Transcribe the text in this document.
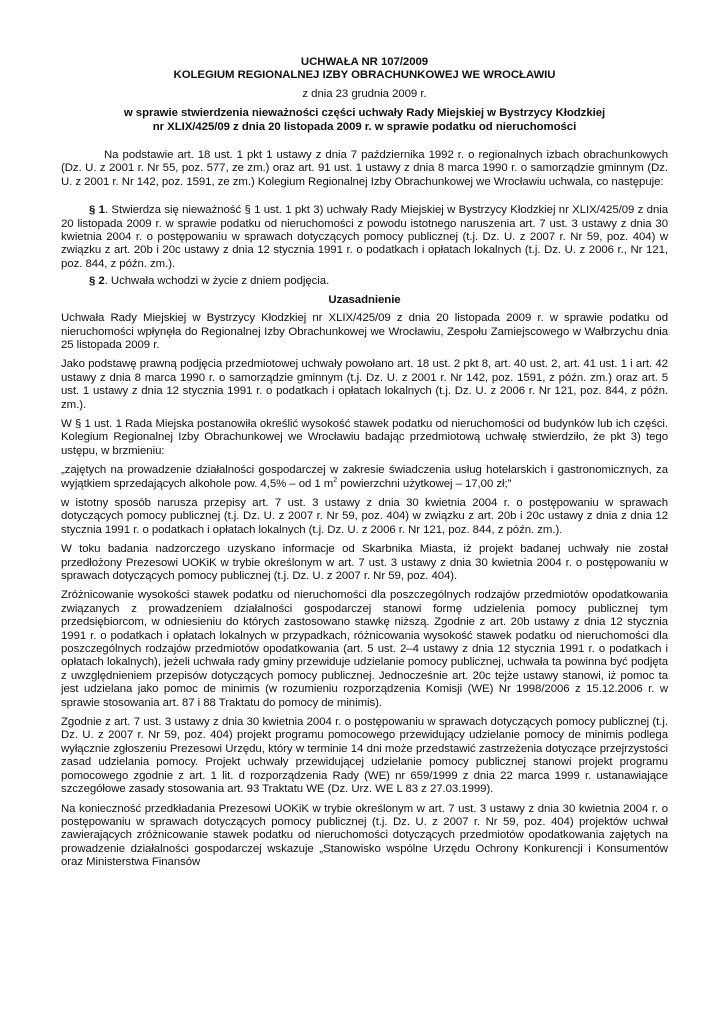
UCHWAŁA NR 107/2009
KOLEGIUM REGIONALNEJ IZBY OBRACHUNKOWEJ WE WROCŁAWIU
z dnia 23 grudnia 2009 r.
w sprawie stwierdzenia nieważności części uchwały Rady Miejskiej w Bystrzycy Kłodzkiej
nr XLIX/425/09 z dnia 20 listopada 2009 r. w sprawie podatku od nieruchomości

Na podstawie art. 18 ust. 1 pkt 1 ustawy z dnia 7 października 1992 r. o regionalnych izbach obrachunkowych (Dz. U. z 2001 r. Nr 55, poz. 577, ze zm.) oraz art. 91 ust. 1 ustawy z dnia 8 marca 1990 r. o samorządzie gminnym (Dz. U. z 2001 r. Nr 142, poz. 1591, ze zm.) Kolegium Regionalnej Izby Obrachunkowej we Wrocławiu uchwala, co następuje:

§ 1. Stwierdza się nieważność § 1 ust. 1 pkt 3) uchwały Rady Miejskiej w Bystrzycy Kłodzkiej nr XLIX/425/09 z dnia 20 listopada 2009 r. w sprawie podatku od nieruchomości z powodu istotnego naruszenia art. 7 ust. 3 ustawy z dnia 30 kwietnia 2004 r. o postępowaniu w sprawach dotyczących pomocy publicznej (t.j. Dz. U. z 2007 r. Nr 59, poz. 404) w związku z art. 20b i 20c ustawy z dnia 12 stycznia 1991 r. o podatkach i opłatach lokalnych (t.j. Dz. U. z 2006 r., Nr 121, poz. 844, z późn. zm.).

§ 2. Uchwała wchodzi w życie z dniem podjęcia.

Uzasadnienie

Uchwała Rady Miejskiej w Bystrzycy Kłodzkiej nr XLIX/425/09 z dnia 20 listopada 2009 r. w sprawie podatku od nieruchomości wpłynęła do Regionalnej Izby Obrachunkowej we Wrocławiu, Zespołu Zamiejscowego w Wałbrzychu dnia 25 listopada 2009 r.

Jako podstawę prawną podjęcia przedmiotowej uchwały powołano art. 18 ust. 2 pkt 8, art. 40 ust. 2, art. 41 ust. 1 i art. 42 ustawy z dnia 8 marca 1990 r. o samorządzie gminnym (t.j. Dz. U. z 2001 r. Nr 142, poz. 1591, z późn. zm.) oraz art. 5 ust. 1 ustawy z dnia 12 stycznia 1991 r. o podatkach i opłatach lokalnych (t.j. Dz. U. z 2006 r. Nr 121, poz. 844, z późn. zm.).

W § 1 ust. 1 Rada Miejska postanowiła określić wysokość stawek podatku od nieruchomości od budynków lub ich części. Kolegium Regionalnej Izby Obrachunkowej we Wrocławiu badając przedmiotową uchwałę stwierdziło, że pkt 3) tego ustępu, w brzmieniu:

„zajętych na prowadzenie działalności gospodarczej w zakresie świadczenia usług hotelarskich i gastronomicznych, za wyjątkiem sprzedających alkohole pow. 4,5% – od 1 $m^2$ powierzchni użytkowej – 17,00 zł;”

w istotny sposób narusza przepisy art. 7 ust. 3 ustawy z dnia 30 kwietnia 2004 r. o postępowaniu w sprawach dotyczących pomocy publicznej (t.j. Dz. U. z 2007 r. Nr 59, poz. 404) w związku z art. 20b i 20c ustawy z dnia z dnia 12 stycznia 1991 r. o podatkach i opłatach lokalnych (t.j. Dz. U. z 2006 r. Nr 121, poz. 844, z późn. zm.).

W toku badania nadzorczego uzyskano informacje od Skarbnika Miasta, iż projekt badanej uchwały nie został przedłożony Prezesowi UOKiK w trybie określonym w art. 7 ust. 3 ustawy z dnia 30 kwietnia 2004 r. o postępowaniu w sprawach dotyczących pomocy publicznej (t.j. Dz. U. z 2007 r. Nr 59, poz. 404).

Zróżnicowanie wysokości stawek podatku od nieruchomości dla poszczególnych rodzajów przedmiotów opodatkowania związanych z prowadzeniem działalności gospodarczej stanowi formę udzielenia pomocy publicznej tym przedsiębiorcom, w odniesieniu do których zastosowano stawkę niższą. Zgodnie z art. 20b ustawy z dnia 12 stycznia 1991 r. o podatkach i opłatach lokalnych w przypadkach, różnicowania wysokość stawek podatku od nieruchomości dla poszczególnych rodzajów przedmiotów opodatkowania (art. 5 ust. 2–4 ustawy z dnia 12 stycznia 1991 r. o podatkach i opłatach lokalnych), jeżeli uchwała rady gminy przewiduje udzielanie pomocy publicznej, uchwała ta powinna być podjęta z uwzględnieniem przepisów dotyczących pomocy publicznej. Jednocześnie art. 20c tejże ustawy stanowi, iż pomoc ta jest udzielana jako pomoc de minimis (w rozumieniu rozporządzenia Komisji (WE) Nr 1998/2006 z 15.12.2006 r. w sprawie stosowania art. 87 i 88 Traktatu do pomocy de minimis).

Zgodnie z art. 7 ust. 3 ustawy z dnia 30 kwietnia 2004 r. o postępowaniu w sprawach dotyczących pomocy publicznej (t.j. Dz. U. z 2007 r. Nr 59, poz. 404) projekt programu pomocowego przewidujący udzielanie pomocy de minimis podlega wyłącznie zgłoszeniu Prezesowi Urzędu, który w terminie 14 dni może przedstawić zastrzeżenia dotyczące przejrzystości zasad udzielania pomocy. Projekt uchwały przewidującej udzielanie pomocy publicznej stanowi projekt programu pomocowego zgodnie z art. 1 lit. d rozporządzenia Rady (WE) nr 659/1999 z dnia 22 marca 1999 r. ustanawiające szczegółowe zasady stosowania art. 93 Traktatu WE (Dz. Urz. WE L 83 z 27.03.1999).

Na konieczność przedkładania Prezesowi UOKiK w trybie określonym w art. 7 ust. 3 ustawy z dnia 30 kwietnia 2004 r. o postępowaniu w sprawach dotyczących pomocy publicznej (t.j. Dz. U. z 2007 r. Nr 59, poz. 404) projektów uchwał zawierających zróżnicowanie stawek podatku od nieruchomości dotyczących przedmiotów opodatkowania zajętych na prowadzenie działalności gospodarczej wskazuje „Stanowisko wspólne Urzędu Ochrony Konkurencji i Konsumentów oraz Ministerstwa Finansów
